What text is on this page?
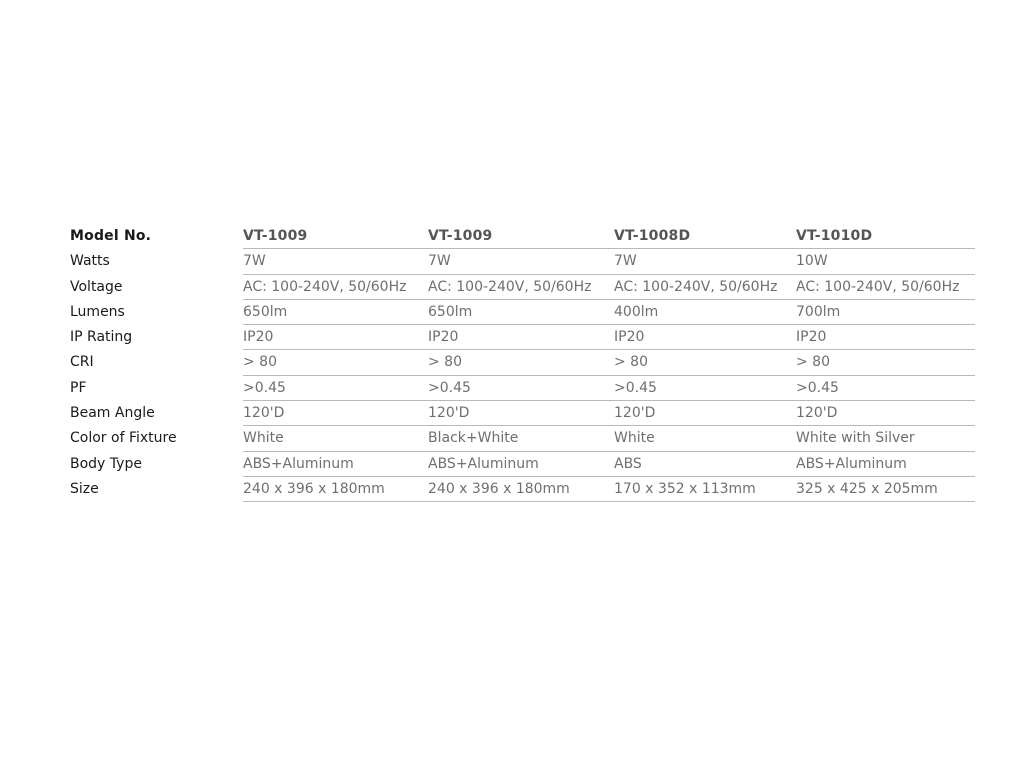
Model No.	VT-1009	VT-1009	VT-1008D	VT-1010D
Watts	7W	7W	7W	10W
Voltage	AC: 100-240V, 50/60Hz	AC: 100-240V, 50/60Hz	AC: 100-240V, 50/60Hz	AC: 100-240V, 50/60Hz
Lumens	650lm	650lm	400lm	700lm
IP Rating	IP20	IP20	IP20	IP20
CRI	> 80	> 80	> 80	> 80
PF	>0.45	>0.45	>0.45	>0.45
Beam Angle	120'D	120'D	120'D	120'D
Color of Fixture	White	Black+White	White	White with Silver
Body Type	ABS+Aluminum	ABS+Aluminum	ABS	ABS+Aluminum
Size	240 x 396 x 180mm	240 x 396 x 180mm	170 x 352 x 113mm	325 x 425 x 205mm
